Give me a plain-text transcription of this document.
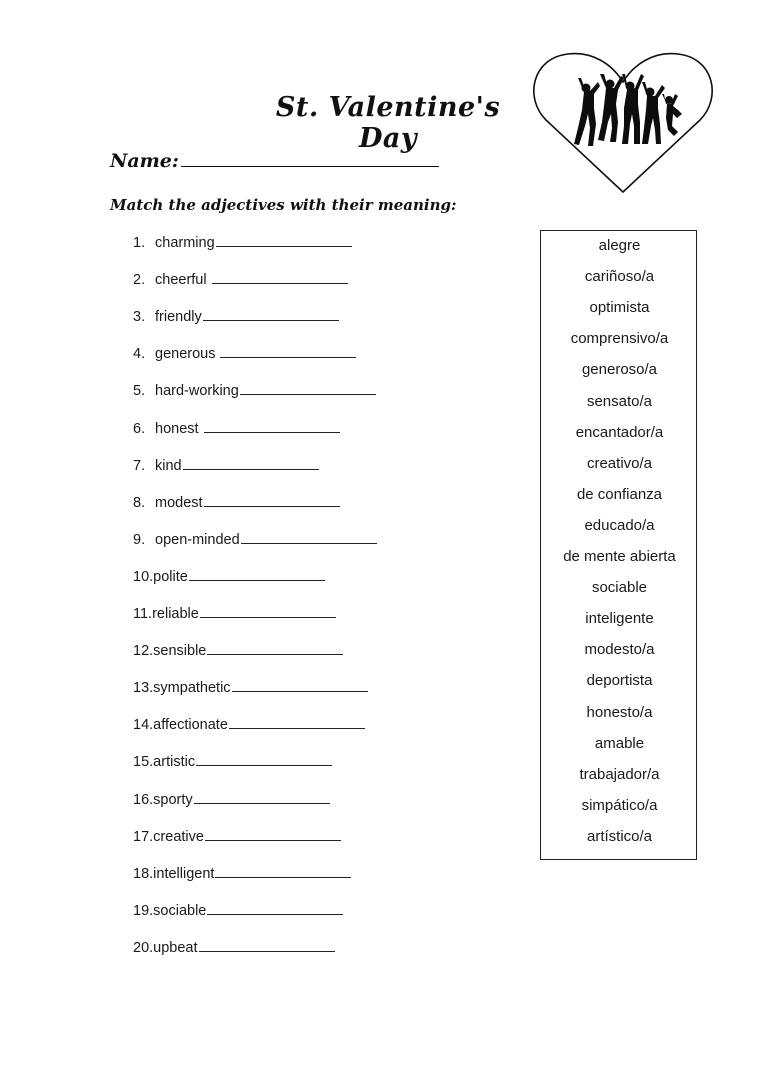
St. Valentine's Day
Name:
Match the adjectives with their meaning:
1. charming
2. cheerful
3. friendly
4. generous
5. hard-working
6. honest
7. kind
8. modest
9. open-minded
10.polite
11.reliable
12.sensible
13.sympathetic
14.affectionate
15.artistic
16.sporty
17.creative
18.intelligent
19.sociable
20.upbeat
alegre
cariñoso/a
optimista
comprensivo/a
generoso/a
sensato/a
encantador/a
creativo/a
de confianza
educado/a
de mente abierta
sociable
inteligente
modesto/a
deportista
honesto/a
amable
trabajador/a
simpático/a
artístico/a
